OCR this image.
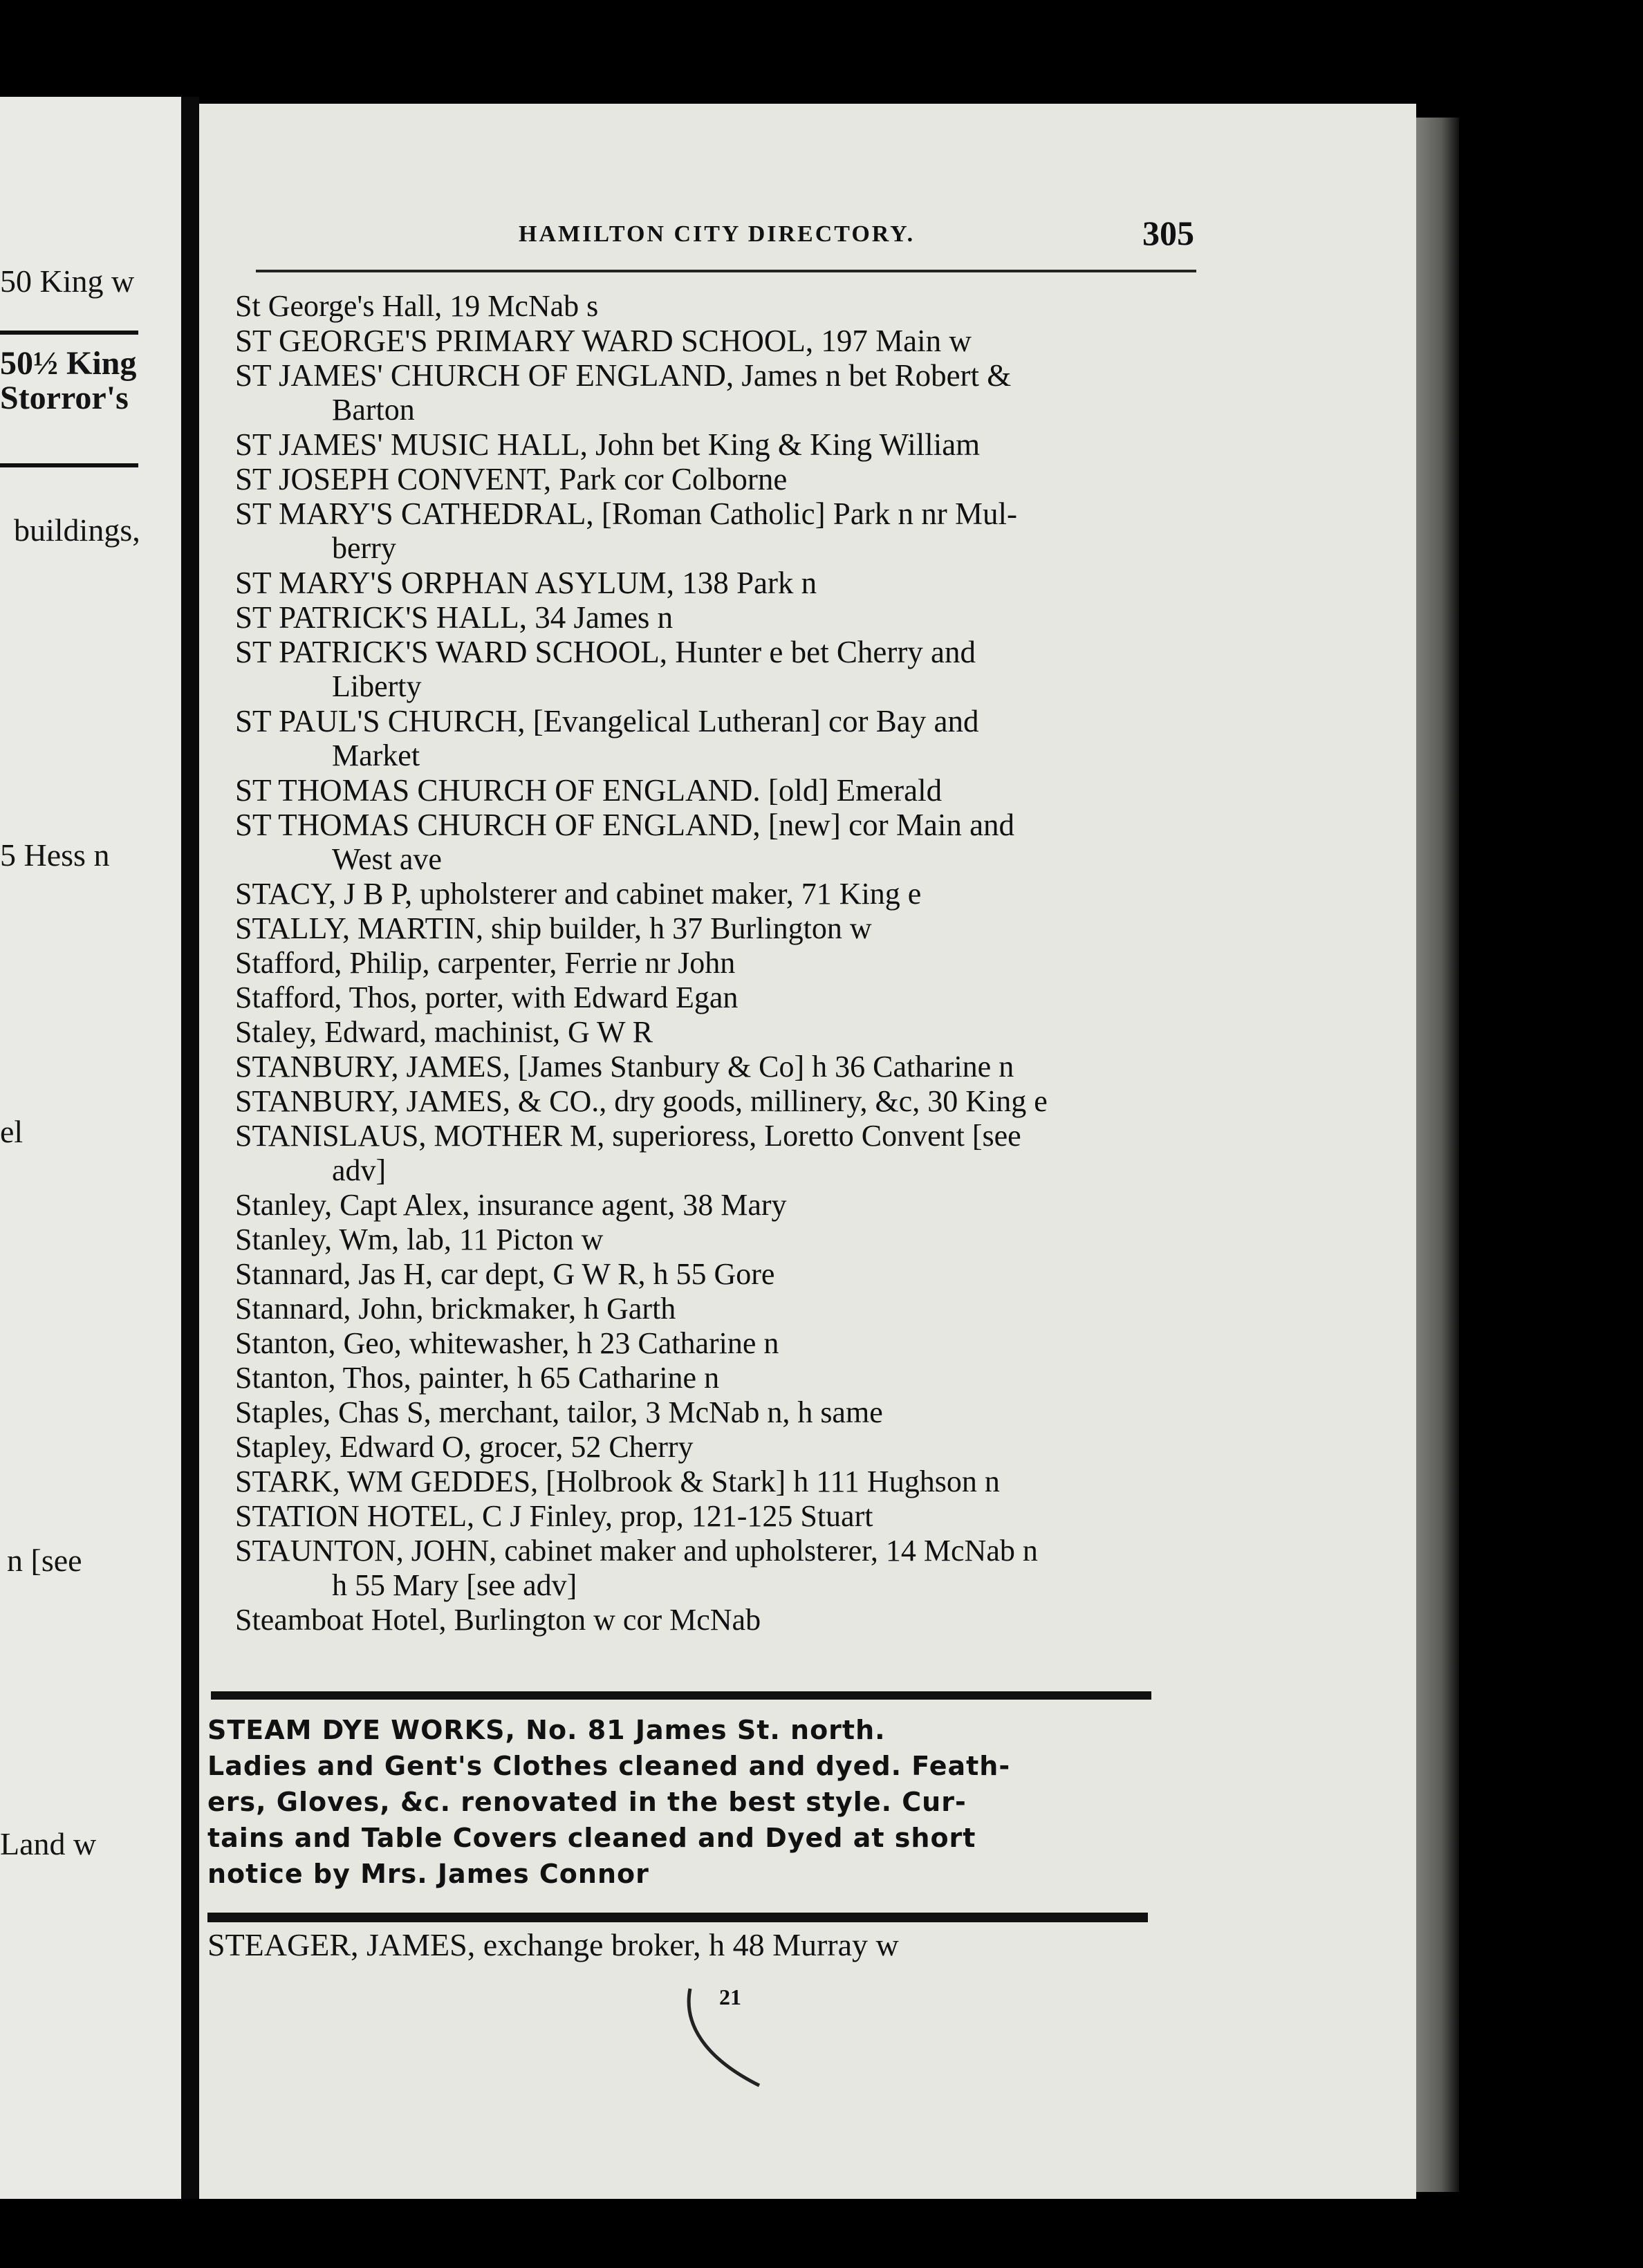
50 King w
50½ King
Storror's
buildings,
5 Hess n
el
n [see
Land w
HAMILTON CITY DIRECTORY.	305
St George's Hall, 19 McNab s
ST GEORGE'S PRIMARY WARD SCHOOL, 197 Main w
ST JAMES' CHURCH OF ENGLAND, James n bet Robert &
Barton
ST JAMES' MUSIC HALL, John bet King & King William
ST JOSEPH CONVENT, Park cor Colborne
ST MARY'S CATHEDRAL, [Roman Catholic] Park n nr Mul-
berry
ST MARY'S ORPHAN ASYLUM, 138 Park n
ST PATRICK'S HALL, 34 James n
ST PATRICK'S WARD SCHOOL, Hunter e bet Cherry and
Liberty
ST PAUL'S CHURCH, [Evangelical Lutheran] cor Bay and
Market
ST THOMAS CHURCH OF ENGLAND. [old] Emerald
ST THOMAS CHURCH OF ENGLAND, [new] cor Main and
West ave
STACY, J B P, upholsterer and cabinet maker, 71 King e
STALLY, MARTIN, ship builder, h 37 Burlington w
Stafford, Philip, carpenter, Ferrie nr John
Stafford, Thos, porter, with Edward Egan
Staley, Edward, machinist, G W R
STANBURY, JAMES, [James Stanbury & Co] h 36 Catharine n
STANBURY, JAMES, & CO., dry goods, millinery, &c, 30 King e
STANISLAUS, MOTHER M, superioress, Loretto Convent [see
adv]
Stanley, Capt Alex, insurance agent, 38 Mary
Stanley, Wm, lab, 11 Picton w
Stannard, Jas H, car dept, G W R, h 55 Gore
Stannard, John, brickmaker, h Garth
Stanton, Geo, whitewasher, h 23 Catharine n
Stanton, Thos, painter, h 65 Catharine n
Staples, Chas S, merchant, tailor, 3 McNab n, h same
Stapley, Edward O, grocer, 52 Cherry
STARK, WM GEDDES, [Holbrook & Stark] h 111 Hughson n
STATION HOTEL, C J Finley, prop, 121-125 Stuart
STAUNTON, JOHN, cabinet maker and upholsterer, 14 McNab n
h 55 Mary [see adv]
Steamboat Hotel, Burlington w cor McNab
STEAM DYE WORKS, No. 81 James St. north.
Ladies and Gent's Clothes cleaned and dyed. Feath-
ers, Gloves, &c. renovated in the best style. Cur-
tains and Table Covers cleaned and Dyed at short
notice by Mrs. James Connor
STEAGER, JAMES, exchange broker, h 48 Murray w
21
